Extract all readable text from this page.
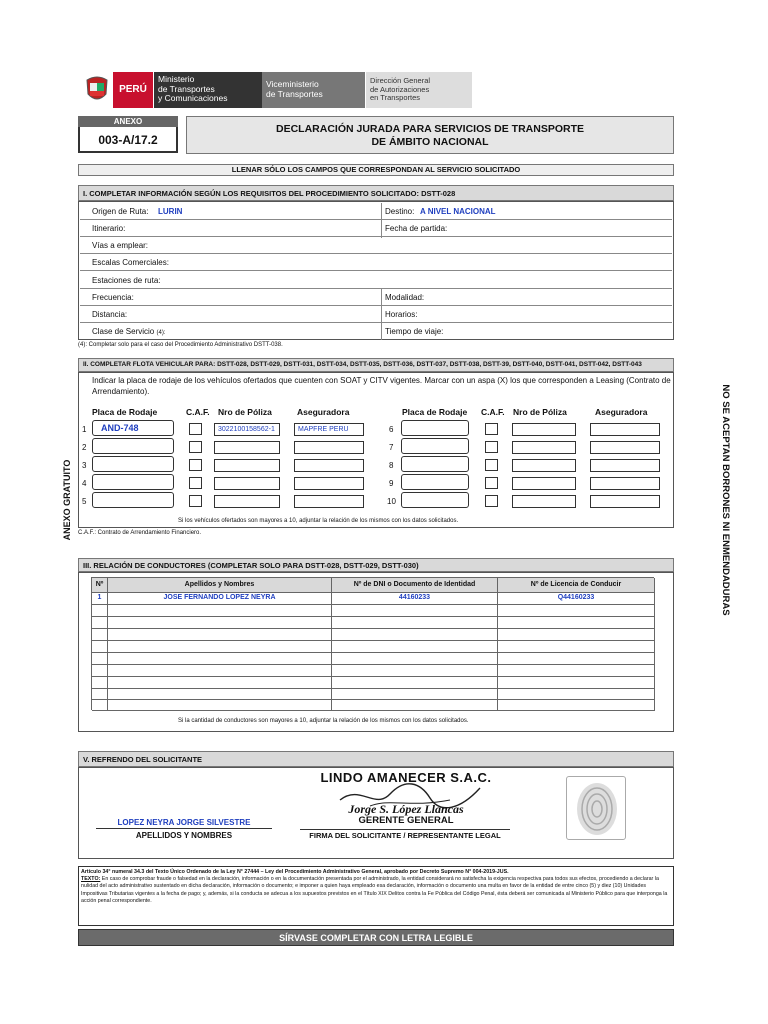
PERÚ
Ministerio
de Transportes
y Comunicaciones
Viceministerio
de Transportes
Dirección General
de Autorizaciones
en Transportes
ANEXO
003-A/17.2
DECLARACIÓN JURADA PARA SERVICIOS DE TRANSPORTE
DE ÁMBITO NACIONAL
LLENAR SÓLO LOS CAMPOS QUE CORRESPONDAN AL SERVICIO SOLICITADO
ANEXO GRATUITO	NO SE ACEPTAN BORRONES NI ENMENDADURAS
I. COMPLETAR INFORMACIÓN SEGÚN LOS REQUISITOS DEL PROCEDIMIENTO SOLICITADO: DSTT-028
Origen de Ruta: LURIN	Destino: A NIVEL NACIONAL
Itinerario:	Fecha de partida:
Vías a emplear:
Escalas Comerciales:
Estaciones de ruta:
Frecuencia:	Modalidad:
Distancia:	Horarios:
Clase de Servicio (4):	Tiempo de viaje:
(4): Completar solo para el caso del Procedimiento Administrativo DSTT-038.
II. COMPLETAR FLOTA VEHICULAR PARA: DSTT-028, DSTT-029, DSTT-031, DSTT-034, DSTT-035, DSTT-036, DSTT-037, DSTT-038, DSTT-39, DSTT-040, DSTT-041, DSTT-042, DSTT-043
Indicar la placa de rodaje de los vehículos ofertados que cuenten con SOAT y CITV vigentes. Marcar con un aspa (X) los que corresponden a Leasing (Contrato de Arrendamiento).
Placa de Rodaje	C.A.F. Nro de Póliza	Aseguradora	Placa de Rodaje C.A.F. Nro de Póliza	Aseguradora
1	AND-748	3022100158562-1	MAPFRE PERU
2
3
4
5
6
7
8
9
10
Si los vehículos ofertados son mayores a 10, adjuntar la relación de los mismos con los datos solicitados.
C.A.F.: Contrato de Arrendamiento Financiero.
III. RELACIÓN DE CONDUCTORES (COMPLETAR SOLO PARA DSTT-028, DSTT-029, DSTT-030)
Nº	Apellidos y Nombres	Nº de DNI o Documento de Identidad	Nº de Licencia de Conducir
1	JOSE FERNANDO LOPEZ NEYRA	44160233	Q44160233
Si la cantidad de conductores son mayores a 10, adjuntar la relación de los mismos con los datos solicitados.
V. REFRENDO DEL SOLICITANTE
LOPEZ NEYRA JORGE SILVESTRE
APELLIDOS Y NOMBRES
LINDO AMANECER S.A.C.
Jorge S. López Llancas
GERENTE GENERAL
FIRMA DEL SOLICITANTE / REPRESENTANTE LEGAL
Artículo 34° numeral 34.3 del Texto Único Ordenado de la Ley N° 27444 – Ley del Procedimiento Administrativo General, aprobado por Decreto Supremo N° 004-2019-JUS.
TEXTO: En caso de comprobar fraude o falsedad en la declaración, información o en la documentación presentada por el administrado, la entidad considerará no satisfecha la exigencia respectiva para todos sus efectos, procediendo a declarar la nulidad del acto administrativo sustentado en dicha declaración, información o documento; e imponer a quien haya empleado esa declaración, información o documento una multa en favor de la entidad de entre cinco (5) y diez (10) Unidades Impositivas Tributarias vigentes a la fecha de pago; y, además, si la conducta se adecua a los supuestos previstos en el Título XIX Delitos contra la Fe Pública del Código Penal, ésta deberá ser comunicada al Ministerio Público para que interponga la acción penal correspondiente.
SÍRVASE COMPLETAR CON LETRA LEGIBLE
